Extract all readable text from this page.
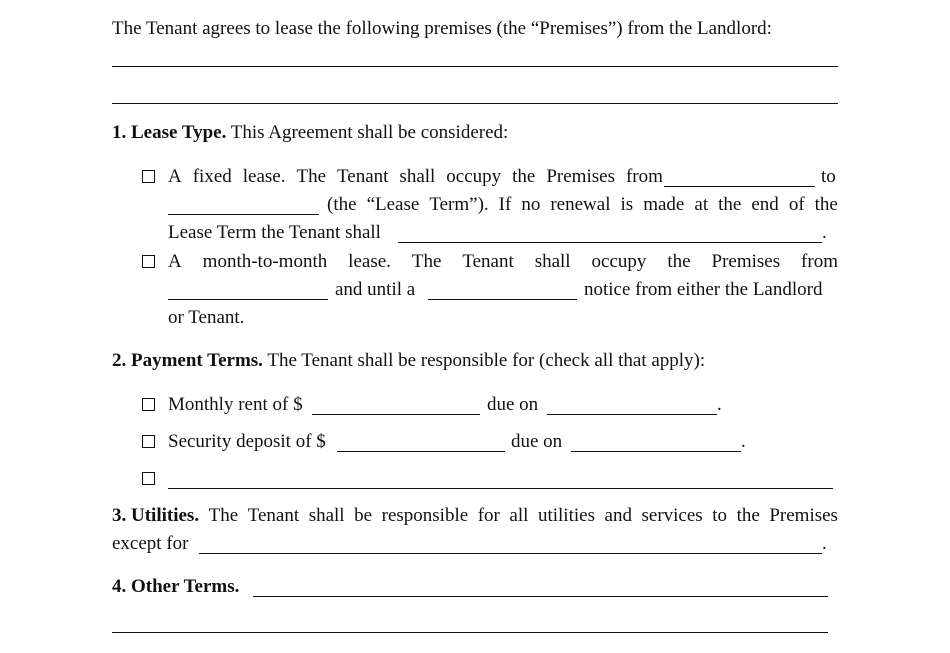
The Tenant agrees to lease the following premises (the “Premises”) from the Landlord:
1. Lease Type. This Agreement shall be considered:
A fixed lease. The Tenant shall occupy the Premises from	to
(the “Lease Term”). If no renewal is made at the end of the
Lease Term the Tenant shall	.
A month-to-month lease. The Tenant shall occupy the Premises from
and until a	notice from either the Landlord
or Tenant.
2. Payment Terms. The Tenant shall be responsible for (check all that apply):
Monthly rent of $	due on	.
Security deposit of $	due on	.
3. Utilities. The Tenant shall be responsible for all utilities and services to the Premises
except for	.
4. Other Terms.
